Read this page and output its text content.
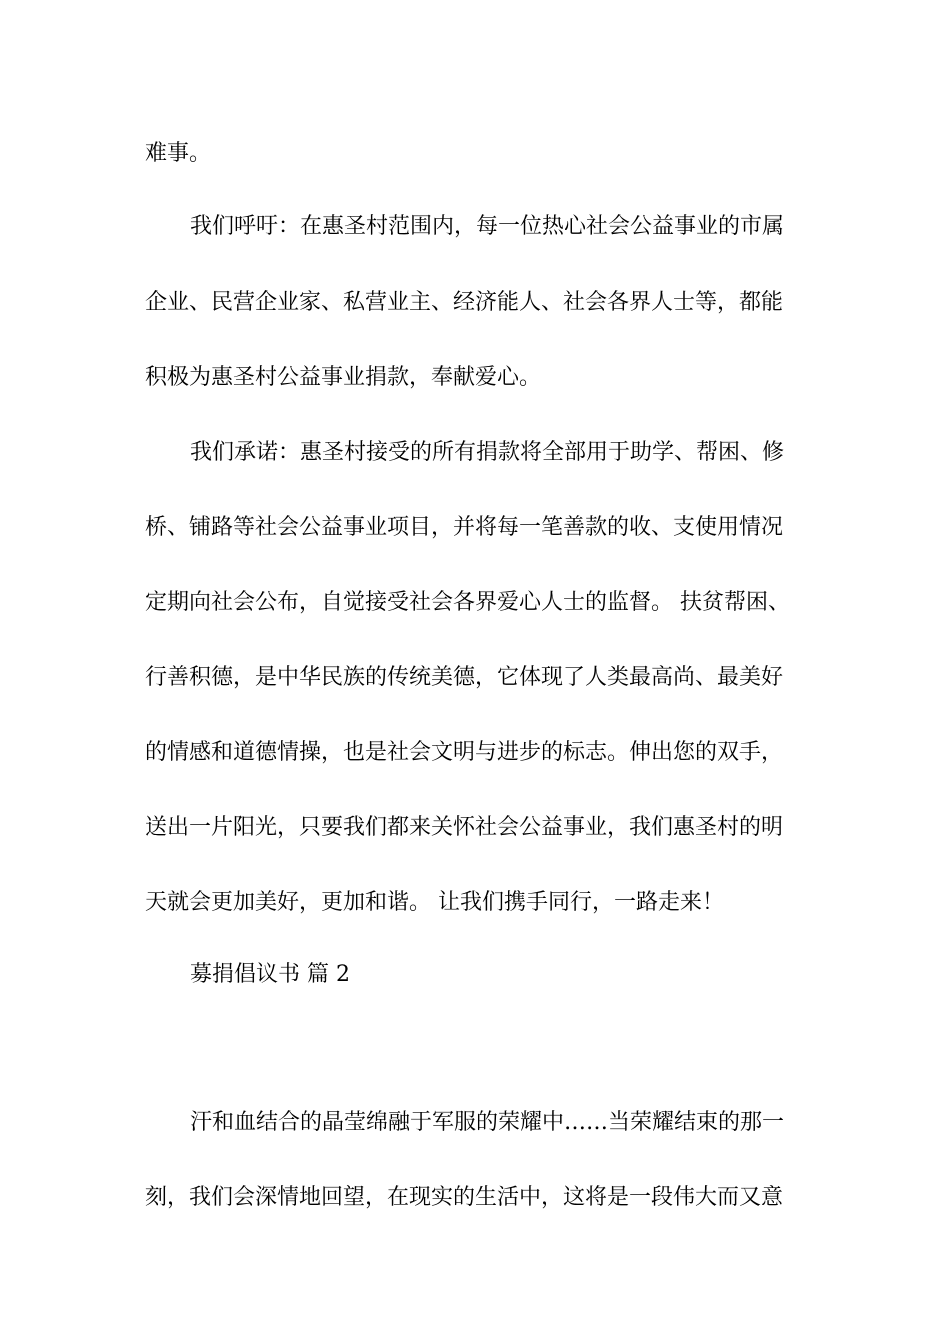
难事。
我们呼吁：在惠圣村范围内，每一位热心社会公益事业的市属
企业、民营企业家、私营业主、经济能人、社会各界人士等，都能
积极为惠圣村公益事业捐款，奉献爱心。
我们承诺：惠圣村接受的所有捐款将全部用于助学、帮困、修
桥、铺路等社会公益事业项目，并将每一笔善款的收、支使用情况
定期向社会公布，自觉接受社会各界爱心人士的监督。 扶贫帮困、
行善积德，是中华民族的传统美德，它体现了人类最高尚、最美好
的情感和道德情操，也是社会文明与进步的标志。伸出您的双手，
送出一片阳光，只要我们都来关怀社会公益事业，我们惠圣村的明
天就会更加美好，更加和谐。 让我们携手同行，一路走来！
募捐倡议书 篇 2
汗和血结合的晶莹绵融于军服的荣耀中……当荣耀结束的那一
刻，我们会深情地回望，在现实的生活中，这将是一段伟大而又意
